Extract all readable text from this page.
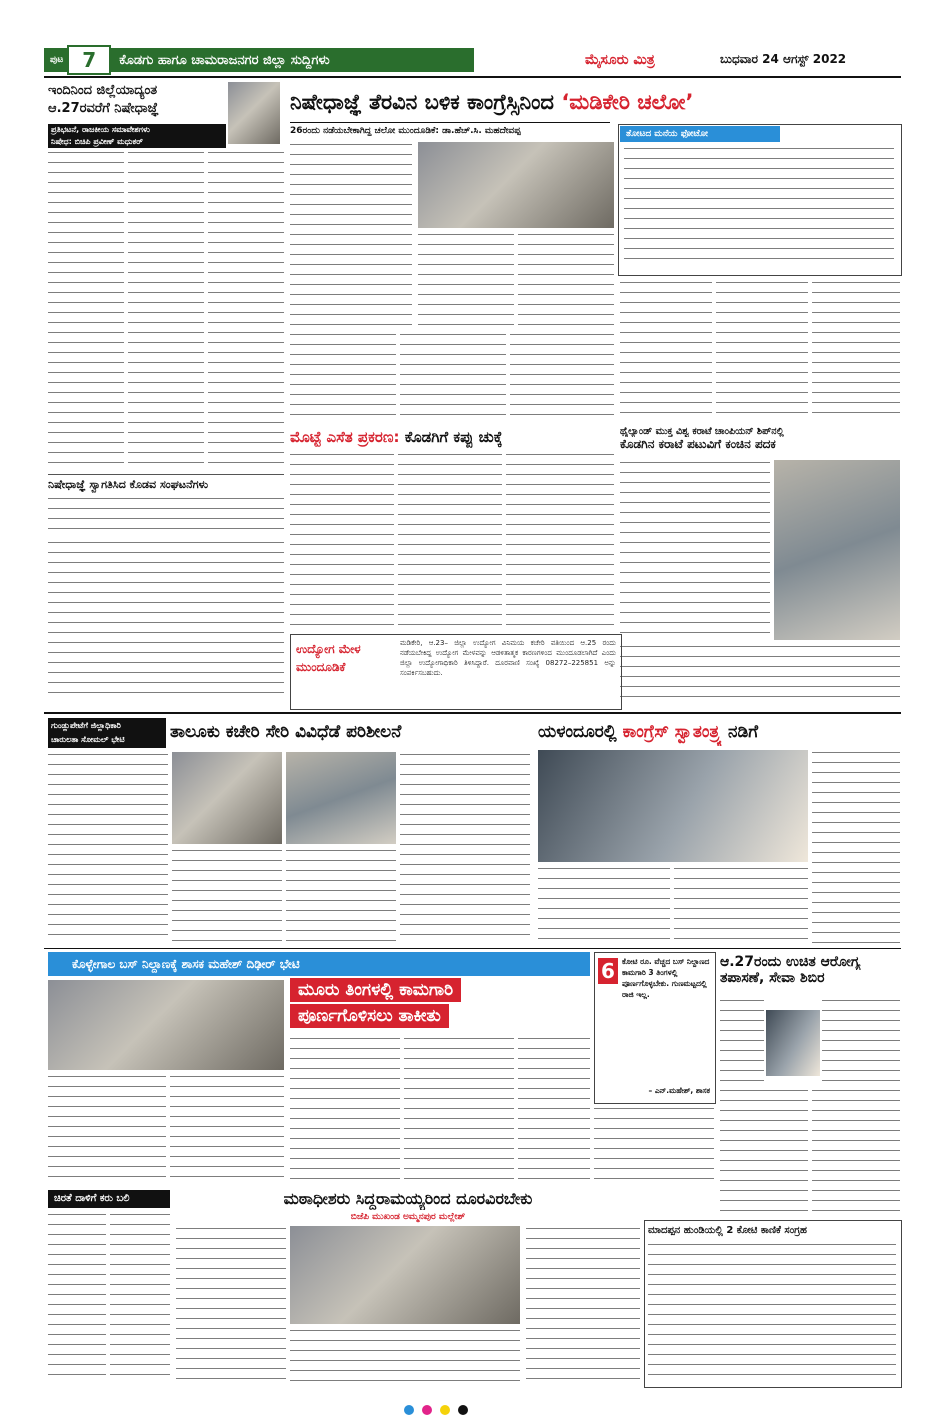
ಪುಟ 7	ಕೊಡಗು ಹಾಗೂ ಚಾಮರಾಜನಗರ ಜಿಲ್ಲಾ ಸುದ್ದಿಗಳು	ಮೈಸೂರು ಮಿತ್ರ	ಬುಧವಾರ 24 ಆಗಸ್ಟ್ 2022
ಇಂದಿನಿಂದ ಜಿಲ್ಲೆಯಾದ್ಯಂತ
ಆ.27ರವರೆಗೆ ನಿಷೇಧಾಜ್ಞೆ
ಪ್ರತಿಭಟನೆ, ರಾಜಕೀಯ ಸಮಾವೇಶಗಳು
ನಿಷೇಧ: ಬಿಚಿಪಿ ಪ್ರವೀಣ್ ಮಧುಕರ್
ನಿಷೇಧಾಜ್ಞೆ ಸ್ವಾಗತಿಸಿದ ಕೊಡವ ಸಂಘಟನೆಗಳು
ನಿಷೇಧಾಜ್ಞೆ ತೆರವಿನ ಬಳಿಕ ಕಾಂಗ್ರೆಸ್ಸಿನಿಂದ ‘ಮಡಿಕೇರಿ ಚಲೋ’
26ರಂದು ನಡೆಯಬೇಕಾಗಿದ್ದ ಚಲೋ ಮುಂದೂಡಿಕೆ: ಡಾ.ಹೆಚ್.ಸಿ. ಮಹದೇವಪ್ಪ	ತೋಟದ ಮನೆಯ ಫೋಟೋ
ಮೊಟ್ಟೆ ಎಸೆತ ಪ್ರಕರಣ: ಕೊಡಗಿಗೆ ಕಪ್ಪು ಚುಕ್ಕೆ	ಥೈಲ್ಯಾಂಡ್ ಮುಕ್ತ ವಿಶ್ವ ಕರಾಟೆ ಚಾಂಪಿಯನ್ ಶಿಪ್‌ನಲ್ಲಿ
ಕೊಡಗಿನ ಕರಾಟೆ ಪಟುವಿಗೆ ಕಂಚಿನ ಪದಕ
ಉದ್ಯೋಗ ಮೇಳ
ಮುಂದೂಡಿಕೆ
ಮಡಿಕೇರಿ, ಆ.23– ಜಿಲ್ಲಾ ಉದ್ಯೋಗ ವಿನಿಮಯ ಕಚೇರಿ ವತಿಯಿಂದ ಆ.25 ರಂದು ನಡೆಯಬೇಕಿದ್ದ ಉದ್ಯೋಗ ಮೇಳವನ್ನು ಆಡಳಿತಾತ್ಮಕ ಕಾರಣಗಳಿಂದ ಮುಂದೂಡಲಾಗಿದೆ ಎಂದು ಜಿಲ್ಲಾ ಉದ್ಯೋಗಾಧಿಕಾರಿ ತಿಳಿಸಿದ್ದಾರೆ. ದೂರವಾಣಿ ಸಂಖ್ಯೆ 08272–225851 ಅನ್ನು ಸಂಪರ್ಕಿಸಬಹುದು.
ಗುಂಡ್ಲುಪೇಟೆಗೆ ಜಿಲ್ಲಾಧಿಕಾರಿ
ಚಾರುಲತಾ ಸೋಮಲ್ ಭೇಟಿ	ತಾಲೂಕು ಕಚೇರಿ ಸೇರಿ ವಿವಿಧೆಡೆ ಪರಿಶೀಲನೆ	ಯಳಂದೂರಲ್ಲಿ ಕಾಂಗ್ರೆಸ್ ಸ್ವಾತಂತ್ರ್ಯ ನಡಿಗೆ
ಕೊಳ್ಳೇಗಾಲ ಬಸ್ ನಿಲ್ದಾಣಕ್ಕೆ ಶಾಸಕ ಮಹೇಶ್ ದಿಢೀರ್ ಭೇಟಿ
ಮೂರು ತಿಂಗಳಲ್ಲಿ ಕಾಮಗಾರಿ ಪೂರ್ಣಗೊಳಿಸಲು ತಾಕೀತು
6 ಕೋಟಿ ರೂ. ವೆಚ್ಚದ ಬಸ್ ನಿಲ್ದಾಣದ ಕಾಮಗಾರಿ 3 ತಿಂಗಳಲ್ಲಿ ಪೂರ್ಣಗೊಳ್ಳಬೇಕು. ಗುಣಮಟ್ಟದಲ್ಲಿ ರಾಜಿ ಇಲ್ಲ.
– ಎನ್.ಮಹೇಶ್, ಶಾಸಕ
ಆ.27ರಂದು ಉಚಿತ ಆರೋಗ್ಯ
ತಪಾಸಣೆ, ಸೇವಾ ಶಿಬಿರ
ಚಿರತೆ ದಾಳಿಗೆ ಕರು ಬಲಿ	ಮಠಾಧೀಶರು ಸಿದ್ದರಾಮಯ್ಯರಿಂದ ದೂರವಿರಬೇಕು
ಬಿಜೆಪಿ ಮುಖಂಡ ಅಮ್ಮನಪುರ ಮಲ್ಲೇಶ್
ಮಾದಪ್ಪನ ಹುಂಡಿಯಲ್ಲಿ 2 ಕೋಟಿ ಕಾಣಿಕೆ ಸಂಗ್ರಹ
